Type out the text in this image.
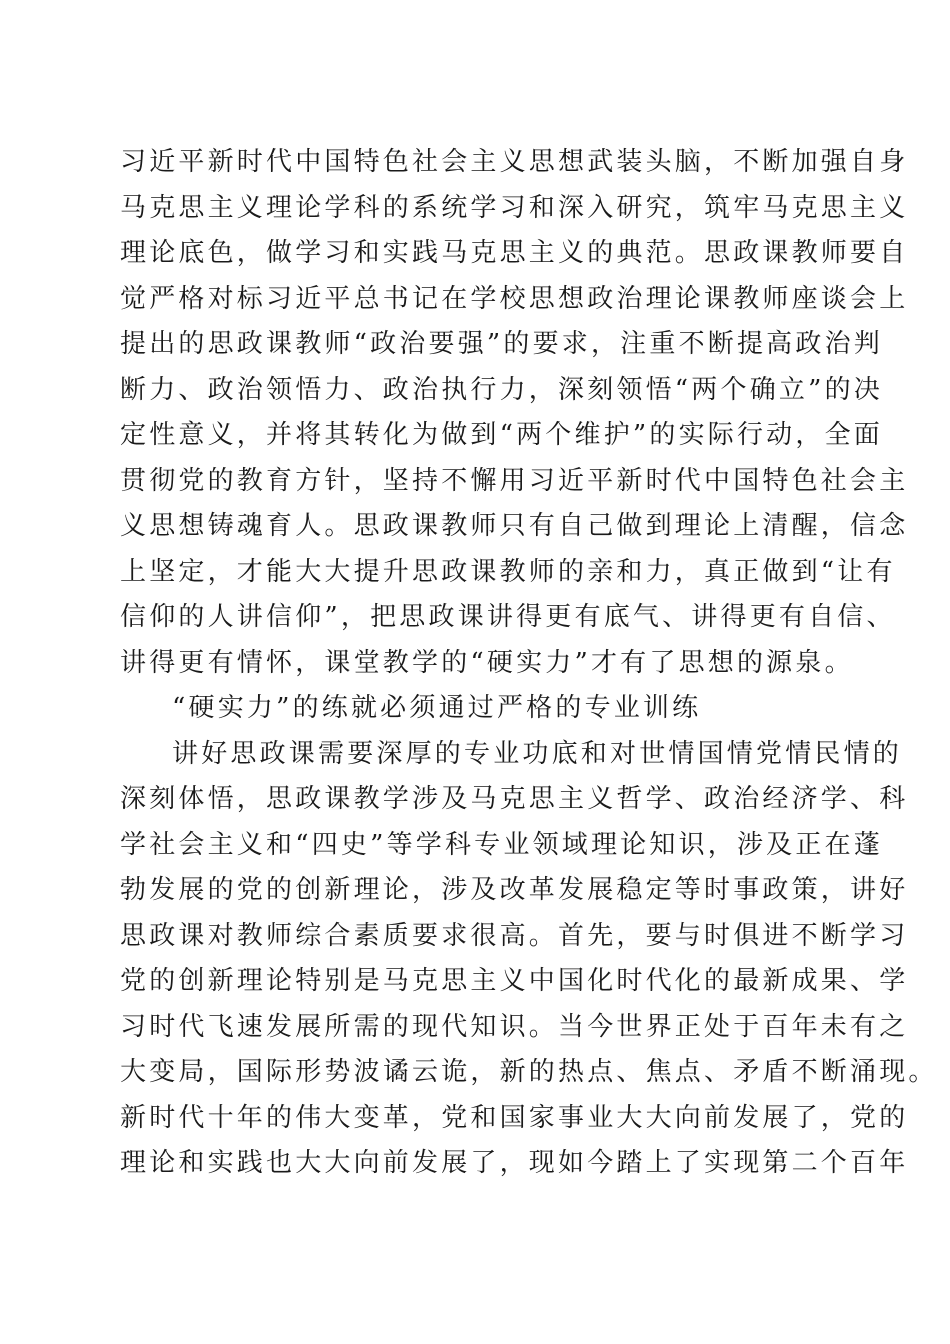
习近平新时代中国特色社会主义思想武装头脑，不断加强自身
马克思主义理论学科的系统学习和深入研究，筑牢马克思主义
理论底色，做学习和实践马克思主义的典范。思政课教师要自
觉严格对标习近平总书记在学校思想政治理论课教师座谈会上
提出的思政课教师“政治要强”的要求，注重不断提高政治判
断力、政治领悟力、政治执行力，深刻领悟“两个确立”的决
定性意义，并将其转化为做到“两个维护”的实际行动，全面
贯彻党的教育方针，坚持不懈用习近平新时代中国特色社会主
义思想铸魂育人。思政课教师只有自己做到理论上清醒，信念
上坚定，才能大大提升思政课教师的亲和力，真正做到“让有
信仰的人讲信仰”，把思政课讲得更有底气、讲得更有自信、
讲得更有情怀，课堂教学的“硬实力”才有了思想的源泉。
“硬实力”的练就必须通过严格的专业训练
讲好思政课需要深厚的专业功底和对世情国情党情民情的
深刻体悟，思政课教学涉及马克思主义哲学、政治经济学、科
学社会主义和“四史”等学科专业领域理论知识，涉及正在蓬
勃发展的党的创新理论，涉及改革发展稳定等时事政策，讲好
思政课对教师综合素质要求很高。首先，要与时俱进不断学习
党的创新理论特别是马克思主义中国化时代化的最新成果、学
习时代飞速发展所需的现代知识。当今世界正处于百年未有之
大变局，国际形势波谲云诡，新的热点、焦点、矛盾不断涌现。
新时代十年的伟大变革，党和国家事业大大向前发展了，党的
理论和实践也大大向前发展了，现如今踏上了实现第二个百年
